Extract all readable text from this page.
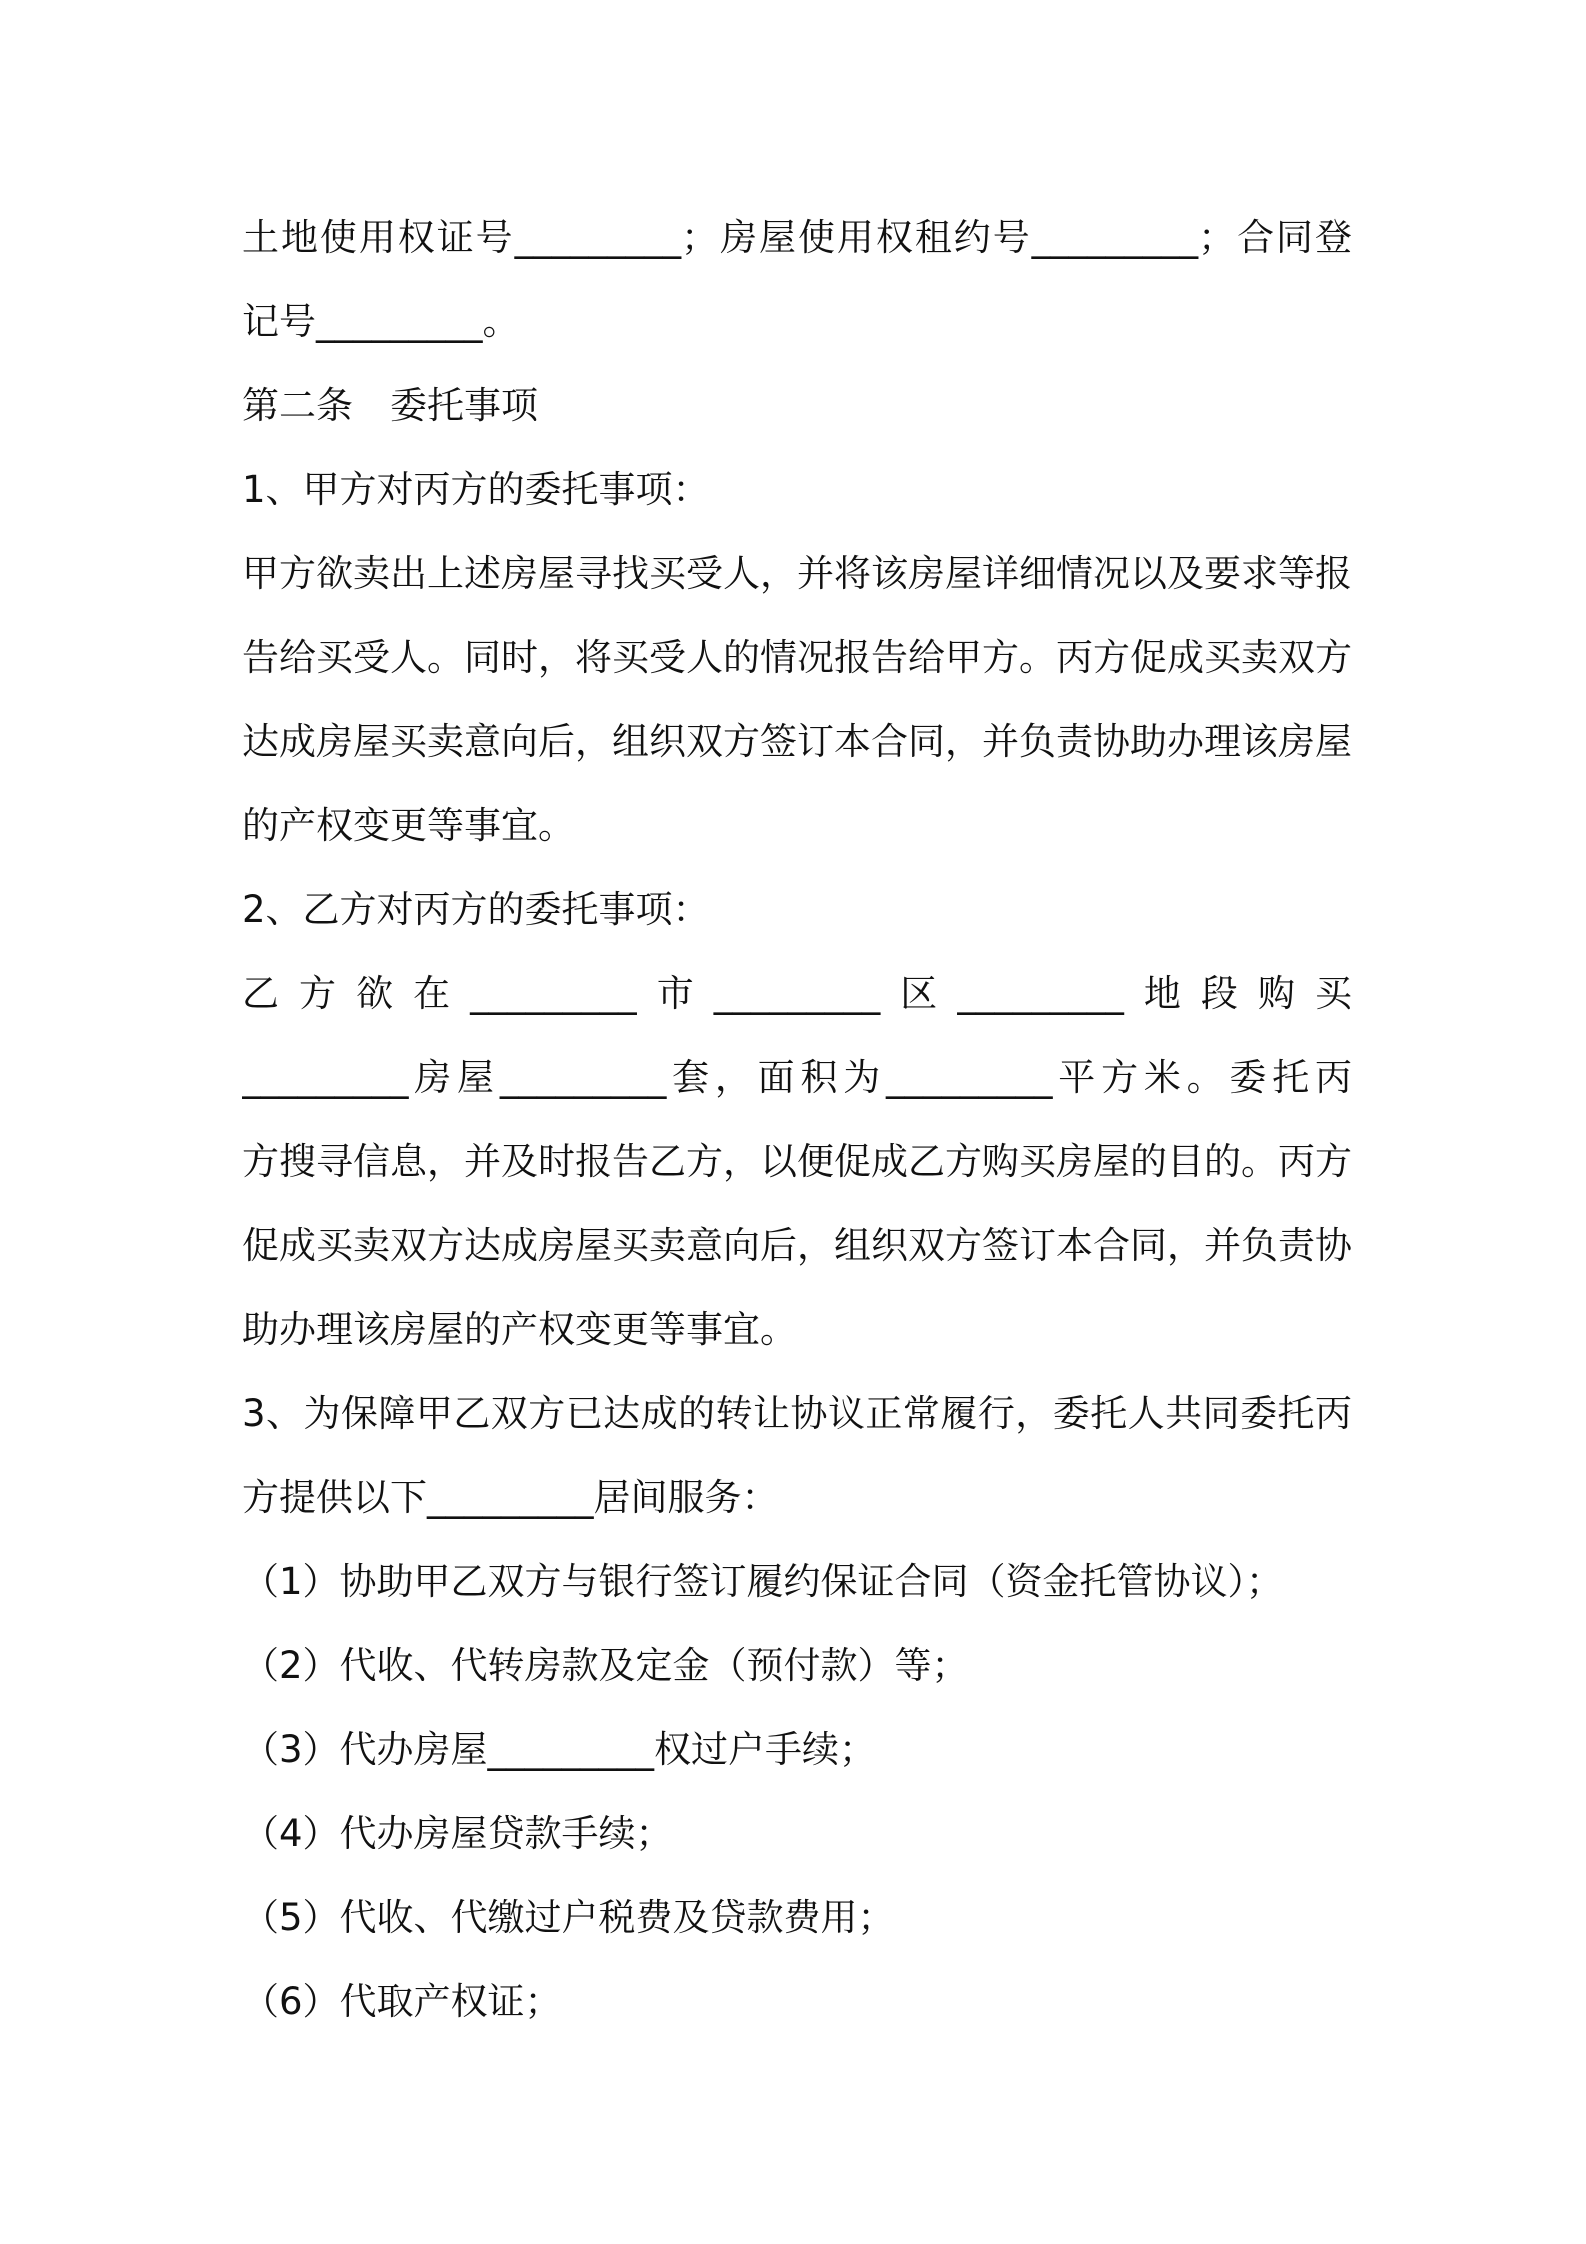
土地使用权证号_________；房屋使用权租约号_________；合同登
记号_________。
第二条　委托事项
1、甲方对丙方的委托事项：
甲方欲卖出上述房屋寻找买受人，并将该房屋详细情况以及要求等报
告给买受人。同时，将买受人的情况报告给甲方。丙方促成买卖双方
达成房屋买卖意向后，组织双方签订本合同，并负责协助办理该房屋
的产权变更等事宜。
2、乙方对丙方的委托事项：
乙方欲在_________市_________区_________地段购买
_________房屋_________套，面积为_________平方米。委托丙
方搜寻信息，并及时报告乙方，以便促成乙方购买房屋的目的。丙方
促成买卖双方达成房屋买卖意向后，组织双方签订本合同，并负责协
助办理该房屋的产权变更等事宜。
3、为保障甲乙双方已达成的转让协议正常履行，委托人共同委托丙
方提供以下_________居间服务：
（1）协助甲乙双方与银行签订履约保证合同（资金托管协议）；
（2）代收、代转房款及定金（预付款）等；
（3）代办房屋_________权过户手续；
（4）代办房屋贷款手续；
（5）代收、代缴过户税费及贷款费用；
（6）代取产权证；
